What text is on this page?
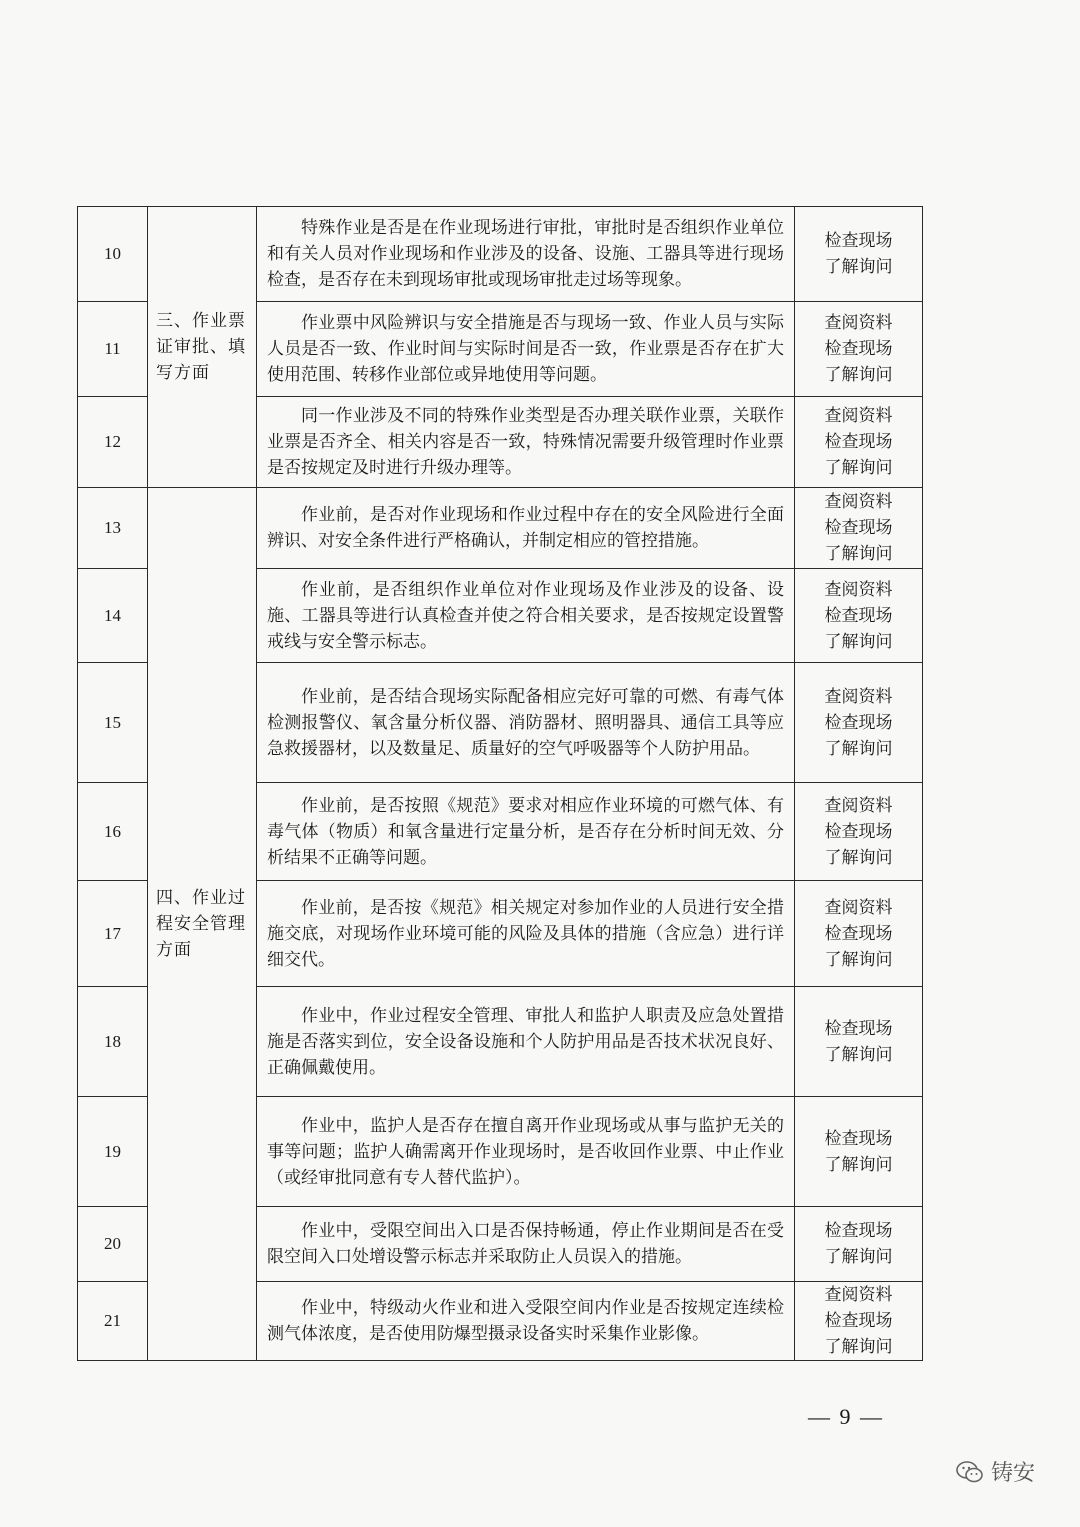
10	三、作业票证审批、填写方面	特殊作业是否是在作业现场进行审批，审批时是否组织作业单位和有关人员对作业现场和作业涉及的设备、设施、工器具等进行现场检查，是否存在未到现场审批或现场审批走过场等现象。	检查现场
了解询问

11		作业票中风险辨识与安全措施是否与现场一致、作业人员与实际人员是否一致、作业时间与实际时间是否一致，作业票是否存在扩大使用范围、转移作业部位或异地使用等问题。	查阅资料
检查现场
了解询问

12		同一作业涉及不同的特殊作业类型是否办理关联作业票，关联作业票是否齐全、相关内容是否一致，特殊情况需要升级管理时作业票是否按规定及时进行升级办理等。	查阅资料
检查现场
了解询问

13	四、作业过程安全管理方面	作业前，是否对作业现场和作业过程中存在的安全风险进行全面辨识、对安全条件进行严格确认，并制定相应的管控措施。	查阅资料
检查现场
了解询问

14		作业前，是否组织作业单位对作业现场及作业涉及的设备、设施、工器具等进行认真检查并使之符合相关要求，是否按规定设置警戒线与安全警示标志。	查阅资料
检查现场
了解询问

15		作业前，是否结合现场实际配备相应完好可靠的可燃、有毒气体检测报警仪、氧含量分析仪器、消防器材、照明器具、通信工具等应急救援器材，以及数量足、质量好的空气呼吸器等个人防护用品。	查阅资料
检查现场
了解询问

16		作业前，是否按照《规范》要求对相应作业环境的可燃气体、有毒气体（物质）和氧含量进行定量分析，是否存在分析时间无效、分析结果不正确等问题。	查阅资料
检查现场
了解询问

17		作业前，是否按《规范》相关规定对参加作业的人员进行安全措施交底，对现场作业环境可能的风险及具体的措施（含应急）进行详细交代。	查阅资料
检查现场
了解询问

18		作业中，作业过程安全管理、审批人和监护人职责及应急处置措施是否落实到位，安全设备设施和个人防护用品是否技术状况良好、正确佩戴使用。	检查现场
了解询问

19		作业中，监护人是否存在擅自离开作业现场或从事与监护无关的事等问题；监护人确需离开作业现场时，是否收回作业票、中止作业（或经审批同意有专人替代监护）。	检查现场
了解询问

20		作业中，受限空间出入口是否保持畅通，停止作业期间是否在受限空间入口处增设警示标志并采取防止人员误入的措施。	检查现场
了解询问

21		作业中，特级动火作业和进入受限空间内作业是否按规定连续检测气体浓度，是否使用防爆型摄录设备实时采集作业影像。	查阅资料
检查现场
了解询问
— 9 —
铸安
